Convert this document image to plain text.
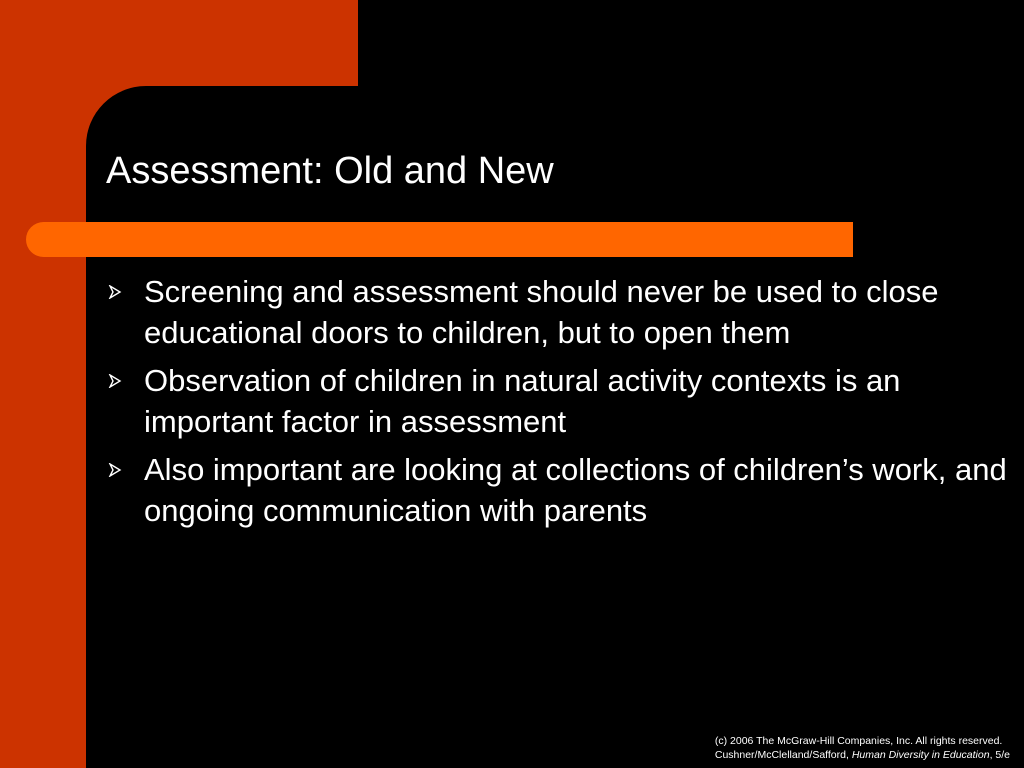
Assessment: Old and New
Screening and assessment should never be used to close educational doors to children, but to open them
Observation of children in natural activity contexts is an important factor in assessment
Also important are looking at collections of children’s work, and ongoing communication with parents
(c) 2006 The McGraw-Hill Companies, Inc. All rights reserved.
Cushner/McClelland/Safford, Human Diversity in Education, 5/e
